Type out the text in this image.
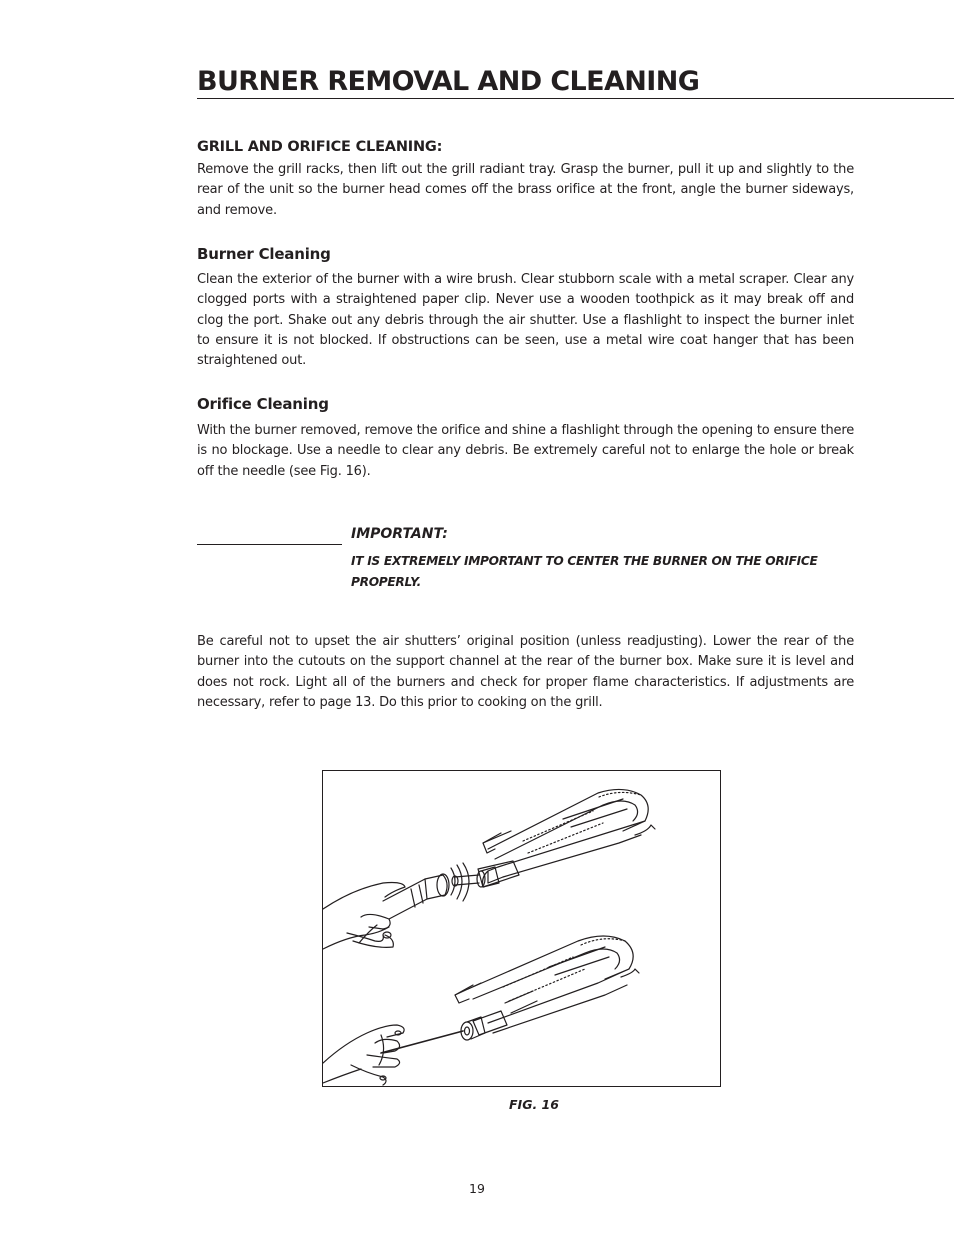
BURNER REMOVAL AND CLEANING
GRILL AND ORIFICE CLEANING:

Remove the grill racks, then lift out the grill radiant tray. Grasp the burner, pull it up and slightly to the rear of the unit so the burner head comes off the brass orifice at the front, angle the burner sideways, and remove.

Burner Cleaning

Clean the exterior of the burner with a wire brush. Clear stubborn scale with a metal scraper. Clear any clogged ports with a straightened paper clip. Never use a wooden toothpick as it may break off and clog the port. Shake out any debris through the air shutter. Use a flashlight to inspect the burner inlet to ensure it is not blocked. If obstructions can be seen, use a metal wire coat hanger that has been straightened out.

Orifice Cleaning

With the burner removed, remove the orifice and shine a flashlight through the opening to ensure there is no blockage. Use a needle to clear any debris. Be extremely careful not to enlarge the hole or break off the needle (see Fig. 16).

IMPORTANT:

IT IS EXTREMELY IMPORTANT TO CENTER THE BURNER ON THE ORIFICE PROPERLY.

Be careful not to upset the air shutters’ original position (unless readjusting). Lower the rear of the burner into the cutouts on the support channel at the rear of the burner box. Make sure it is level and does not rock. Light all of the burners and check for proper flame characteristics. If adjustments are necessary, refer to page 13. Do this prior to cooking on the grill.

FIG. 16

19
